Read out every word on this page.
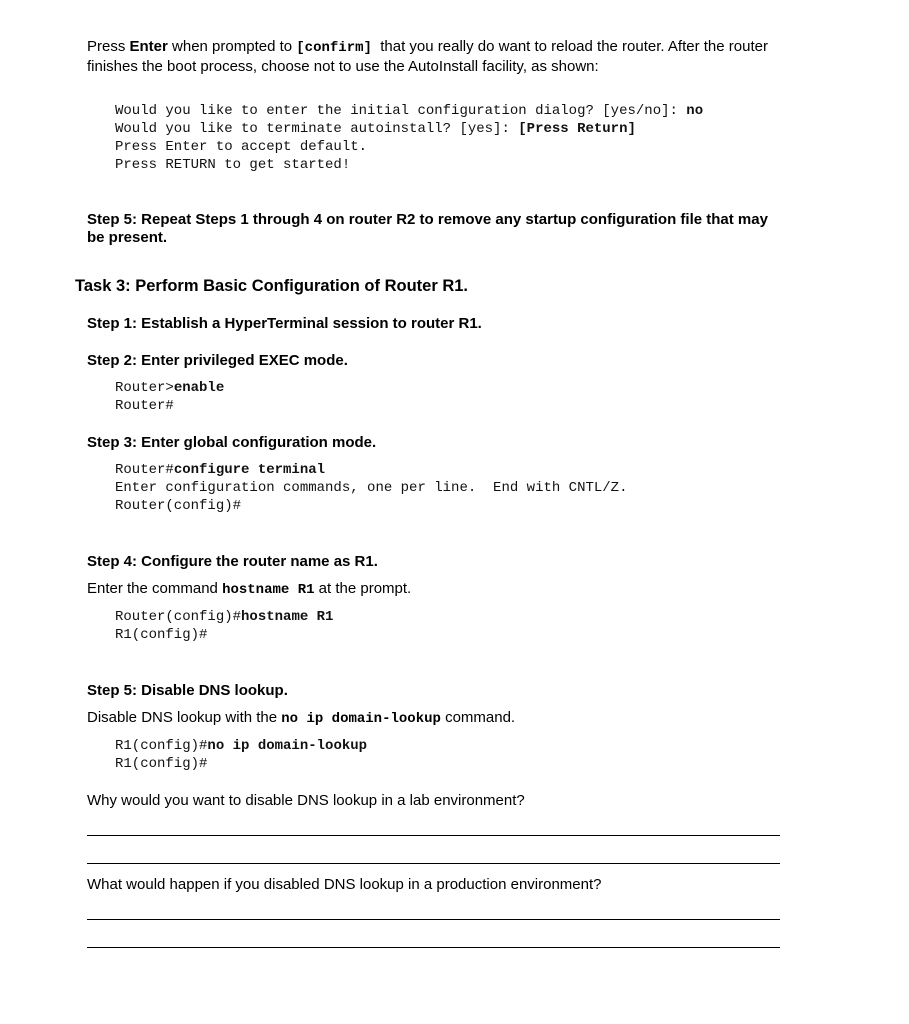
Press Enter when prompted to [confirm]  that you really do want to reload the router. After the router
finishes the boot process, choose not to use the AutoInstall facility, as shown:
Would you like to enter the initial configuration dialog? [yes/no]: no
Would you like to terminate autoinstall? [yes]: [Press Return]
Press Enter to accept default.
Press RETURN to get started!
Step 5: Repeat Steps 1 through 4 on router R2 to remove any startup configuration file that may
be present.
Task 3: Perform Basic Configuration of Router R1.
Step 1: Establish a HyperTerminal session to router R1.
Step 2: Enter privileged EXEC mode.
Router>enable
Router#
Step 3: Enter global configuration mode.
Router#configure terminal
Enter configuration commands, one per line.  End with CNTL/Z.
Router(config)#
Step 4: Configure the router name as R1.
Enter the command hostname R1 at the prompt.
Router(config)#hostname R1
R1(config)#
Step 5: Disable DNS lookup.
Disable DNS lookup with the no ip domain-lookup command.
R1(config)#no ip domain-lookup
R1(config)#
Why would you want to disable DNS lookup in a lab environment?
What would happen if you disabled DNS lookup in a production environment?
